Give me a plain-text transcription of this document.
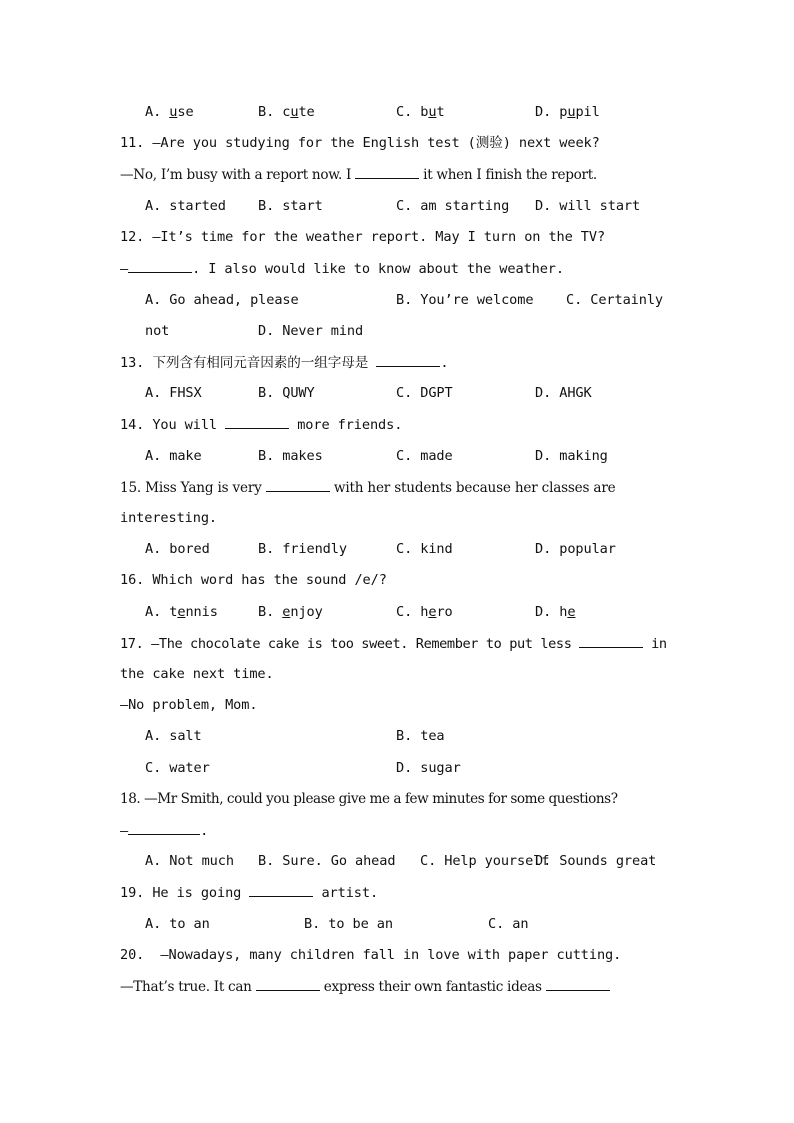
A. use	B. cute	C. but	D. pupil
11. —Are you studying for the English test (测验) next week?
—No, I’m busy with a report now. I	it when I finish the report.
A. started B. start	C. am starting D. will start
12. —It’s time for the weather report. May I turn on the TV?
—	. I also would like to know about the weather.
A. Go ahead, please	B. You’re welcome C. Certainly
not	D. Never mind
13. 下列含有相同元音因素的一组字母是	.
A. FHSX	B. QUWY	C. DGPT	D. AHGK
14. You will	more friends.
A. make	B. makes	C. made	D. making
15. Miss Yang is very	with her students because her classes are
interesting.
A. bored	B. friendly	C. kind	D. popular
16. Which word has the sound /e/?
A. tennis	B. enjoy	C. hero	D. he
17. —The chocolate cake is too sweet. Remember to put less	in
the cake next time.
—No problem, Mom.
A. salt	B. tea
C. water	D. sugar
18. —Mr Smith, could you please give me a few minutes for some questions?
—	.
A. Not much B. Sure. Go ahead C. Help yourself
D. Sounds great
19. He is going	artist.
A. to an	B. to be an	C. an
20.  —Nowadays, many children fall in love with paper cutting.
—That’s true. It can	express their own fantastic ideas
